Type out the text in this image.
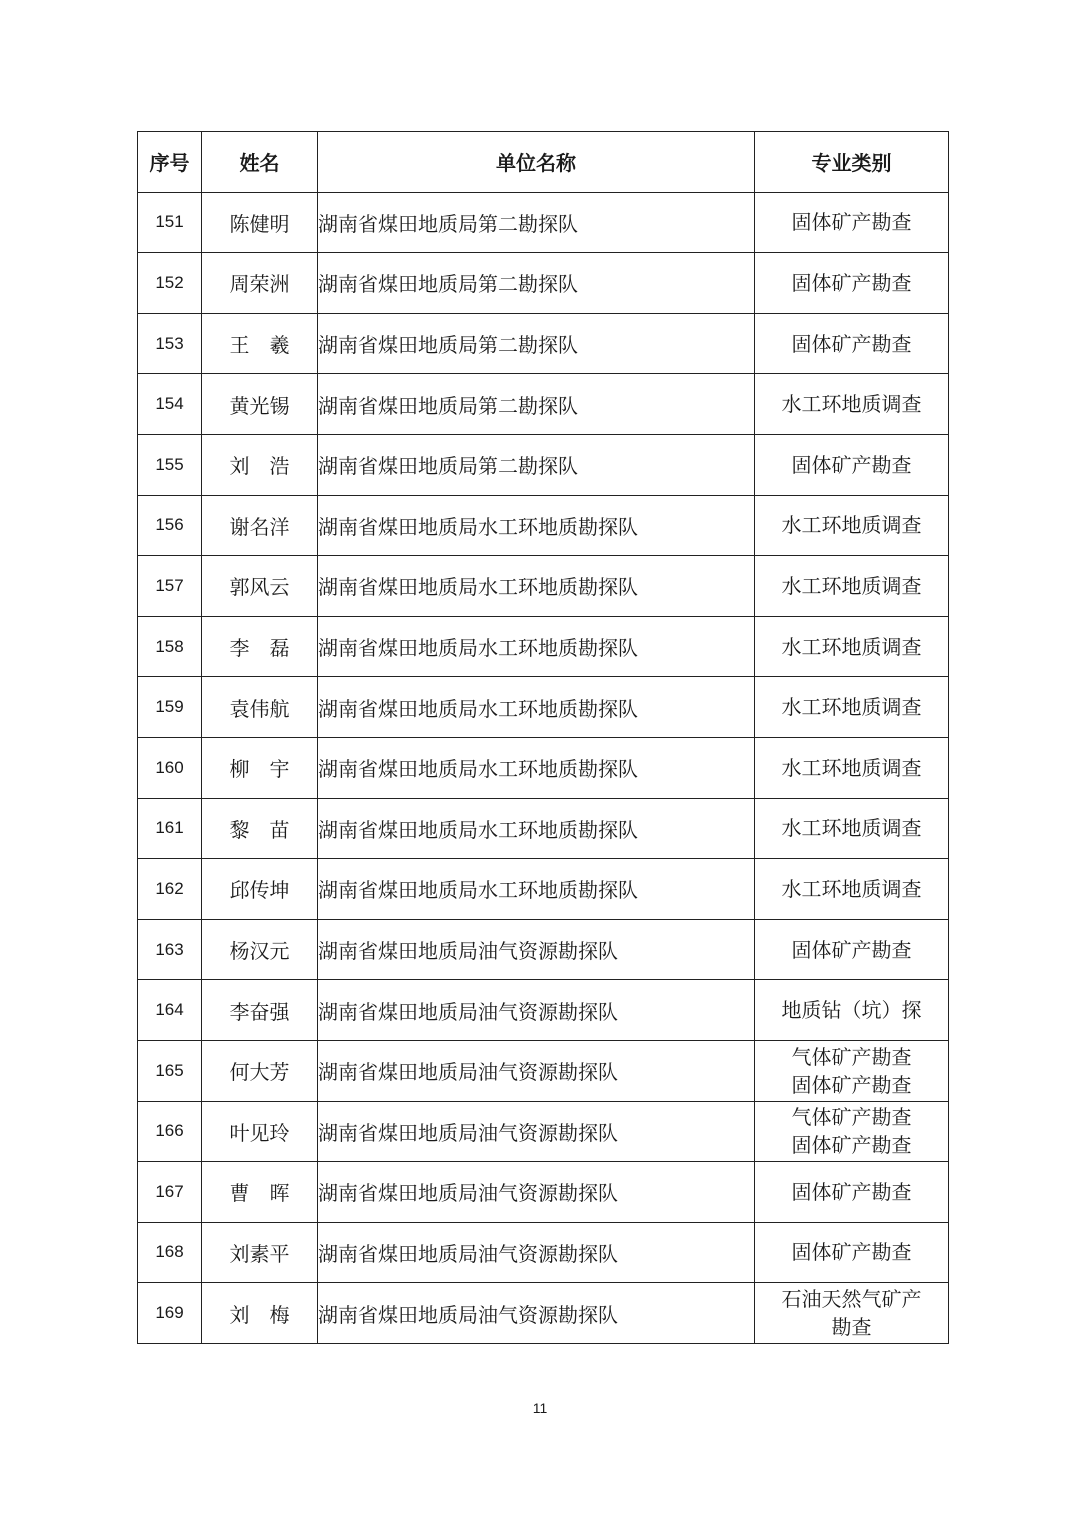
序号	姓名	单位名称	专业类别
151	陈健明	湖南省煤田地质局第二勘探队	固体矿产勘查

152	周荣洲	湖南省煤田地质局第二勘探队	固体矿产勘查

153	王　羲	湖南省煤田地质局第二勘探队	固体矿产勘查

154	黄光锡	湖南省煤田地质局第二勘探队	水工环地质调查

155	刘　浩	湖南省煤田地质局第二勘探队	固体矿产勘查

156	谢名洋	湖南省煤田地质局水工环地质勘探队	水工环地质调查

157	郭风云	湖南省煤田地质局水工环地质勘探队	水工环地质调查

158	李　磊	湖南省煤田地质局水工环地质勘探队	水工环地质调查

159	袁伟航	湖南省煤田地质局水工环地质勘探队	水工环地质调查

160	柳　宇	湖南省煤田地质局水工环地质勘探队	水工环地质调查

161	黎　苗	湖南省煤田地质局水工环地质勘探队	水工环地质调查

162	邱传坤	湖南省煤田地质局水工环地质勘探队	水工环地质调查

163	杨汉元	湖南省煤田地质局油气资源勘探队	固体矿产勘查

164	李奋强	湖南省煤田地质局油气资源勘探队	地质钻（坑）探

165	何大芳	湖南省煤田地质局油气资源勘探队	气体矿产勘查
固体矿产勘查

166	叶见玲	湖南省煤田地质局油气资源勘探队	气体矿产勘查
固体矿产勘查

167	曹　晖	湖南省煤田地质局油气资源勘探队	固体矿产勘查

168	刘素平	湖南省煤田地质局油气资源勘探队	固体矿产勘查

169	刘　梅	湖南省煤田地质局油气资源勘探队	石油天然气矿产
勘查
11
